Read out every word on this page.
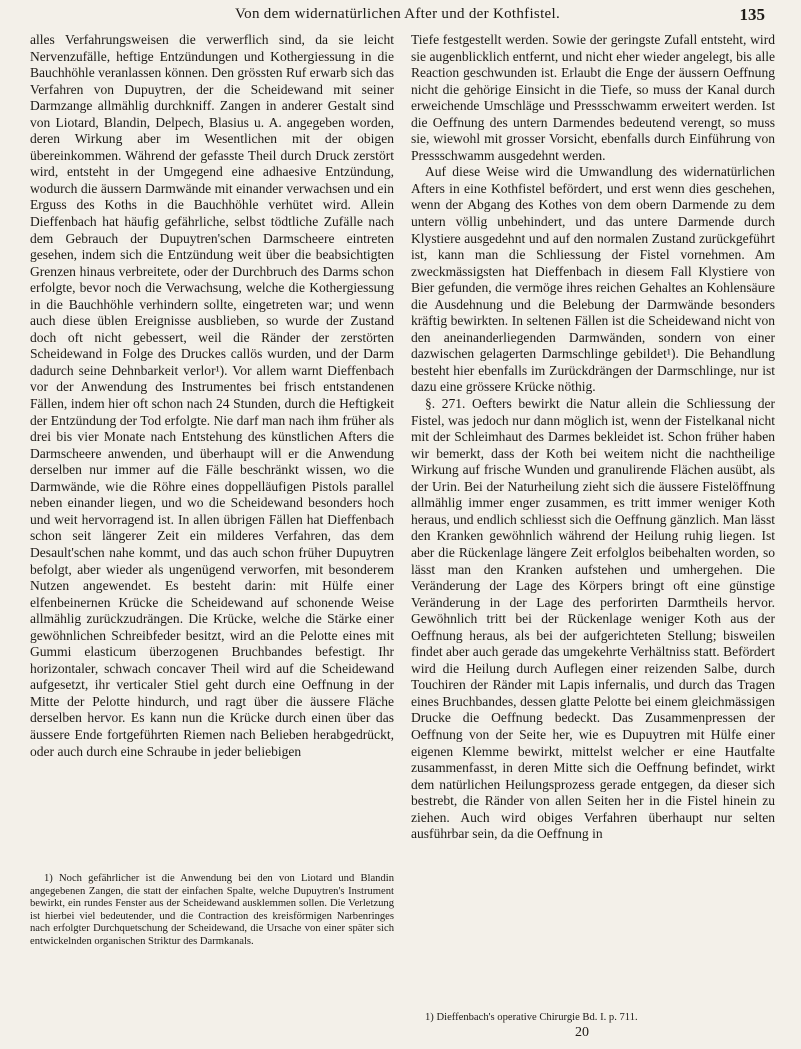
Von dem widernatürlichen After und der Kothfistel.	135

alles Verfahrungsweisen die verwerflich sind, da sie leicht Nervenzufälle, heftige Entzündungen und Kothergiessung in die Bauchhöhle veranlassen können. Den grössten Ruf erwarb sich das Verfahren von Dupuytren, der die Scheidewand mit seiner Darmzange allmählig durchkniff. Zangen in anderer Gestalt sind von Liotard, Blandin, Delpech, Blasius u. A. angegeben worden, deren Wirkung aber im Wesentlichen mit der obigen übereinkommen. Während der gefasste Theil durch Druck zerstört wird, entsteht in der Umgegend eine adhaesive Entzündung, wodurch die äussern Darmwände mit einander verwachsen und ein Erguss des Koths in die Bauchhöhle verhütet wird. Allein Dieffenbach hat häufig gefährliche, selbst tödtliche Zufälle nach dem Gebrauch der Dupuytren'schen Darmscheere eintreten gesehen, indem sich die Entzündung weit über die beabsichtigten Grenzen hinaus verbreitete, oder der Durchbruch des Darms schon erfolgte, bevor noch die Verwachsung, welche die Kothergiessung in die Bauchhöhle verhindern sollte, eingetreten war; und wenn auch diese üblen Ereignisse ausblieben, so wurde der Zustand doch oft nicht gebessert, weil die Ränder der zerstörten Scheidewand in Folge des Druckes callös wurden, und der Darm dadurch seine Dehnbarkeit verlor¹). Vor allem warnt Dieffenbach vor der Anwendung des Instrumentes bei frisch entstandenen Fällen, indem hier oft schon nach 24 Stunden, durch die Heftigkeit der Entzündung der Tod erfolgte. Nie darf man nach ihm früher als drei bis vier Monate nach Entstehung des künstlichen Afters die Darmscheere anwenden, und überhaupt will er die Anwendung derselben nur immer auf die Fälle beschränkt wissen, wo die Darmwände, wie die Röhre eines doppelläufigen Pistols parallel neben einander liegen, und wo die Scheidewand besonders hoch und weit hervorragend ist. In allen übrigen Fällen hat Dieffenbach schon seit längerer Zeit ein milderes Verfahren, das dem Desault'schen nahe kommt, und das auch schon früher Dupuytren befolgt, aber wieder als ungenügend verworfen, mit besonderem Nutzen angewendet. Es besteht darin: mit Hülfe einer elfenbeinernen Krücke die Scheidewand auf schonende Weise allmählig zurückzudrängen. Die Krücke, welche die Stärke einer gewöhnlichen Schreibfeder besitzt, wird an die Pelotte eines mit Gummi elasticum überzogenen Bruchbandes befestigt. Ihr horizontaler, schwach concaver Theil wird auf die Scheidewand aufgesetzt, ihr verticaler Stiel geht durch eine Oeffnung in der Mitte der Pelotte hindurch, und ragt über die äussere Fläche derselben hervor. Es kann nun die Krücke durch einen über das äussere Ende fortgeführten Riemen nach Belieben herabgedrückt, oder auch durch eine Schraube in jeder beliebigen

Tiefe festgestellt werden. Sowie der geringste Zufall entsteht, wird sie augenblicklich entfernt, und nicht eher wieder angelegt, bis alle Reaction geschwunden ist. Erlaubt die Enge der äussern Oeffnung nicht die gehörige Einsicht in die Tiefe, so muss der Kanal durch erweichende Umschläge und Pressschwamm erweitert werden. Ist die Oeffnung des untern Darmendes bedeutend verengt, so muss sie, wiewohl mit grosser Vorsicht, ebenfalls durch Einführung von Pressschwamm ausgedehnt werden.

Auf diese Weise wird die Umwandlung des widernatürlichen Afters in eine Kothfistel befördert, und erst wenn dies geschehen, wenn der Abgang des Kothes von dem obern Darmende zu dem untern völlig unbehindert, und das untere Darmende durch Klystiere ausgedehnt und auf den normalen Zustand zurückgeführt ist, kann man die Schliessung der Fistel vornehmen. Am zweckmässigsten hat Dieffenbach in diesem Fall Klystiere von Bier gefunden, die vermöge ihres reichen Gehaltes an Kohlensäure die Ausdehnung und die Belebung der Darmwände besonders kräftig bewirkten. In seltenen Fällen ist die Scheidewand nicht von den aneinanderliegenden Darmwänden, sondern von einer dazwischen gelagerten Darmschlinge gebildet¹). Die Behandlung besteht hier ebenfalls im Zurückdrängen der Darmschlinge, nur ist dazu eine grössere Krücke nöthig.

§. 271. Oefters bewirkt die Natur allein die Schliessung der Fistel, was jedoch nur dann möglich ist, wenn der Fistelkanal nicht mit der Schleimhaut des Darmes bekleidet ist. Schon früher haben wir bemerkt, dass der Koth bei weitem nicht die nachtheilige Wirkung auf frische Wunden und granulirende Flächen ausübt, als der Urin. Bei der Naturheilung zieht sich die äussere Fistelöffnung allmählig immer enger zusammen, es tritt immer weniger Koth heraus, und endlich schliesst sich die Oeffnung gänzlich. Man lässt den Kranken gewöhnlich während der Heilung ruhig liegen. Ist aber die Rückenlage längere Zeit erfolglos beibehalten worden, so lässt man den Kranken aufstehen und umhergehen. Die Veränderung der Lage des Körpers bringt oft eine günstige Veränderung in der Lage des perforirten Darmtheils hervor. Gewöhnlich tritt bei der Rückenlage weniger Koth aus der Oeffnung heraus, als bei der aufgerichteten Stellung; bisweilen findet aber auch gerade das umgekehrte Verhältniss statt. Befördert wird die Heilung durch Auflegen einer reizenden Salbe, durch Touchiren der Ränder mit Lapis infernalis, und durch das Tragen eines Bruchbandes, dessen glatte Pelotte bei einem gleichmässigen Drucke die Oeffnung bedeckt. Das Zusammenpressen der Oeffnung von der Seite her, wie es Dupuytren mit Hülfe einer eigenen Klemme bewirkt, mittelst welcher er eine Hautfalte zusammenfasst, in deren Mitte sich die Oeffnung befindet, wirkt dem natürlichen Heilungsprozess gerade entgegen, da dieser sich bestrebt, die Ränder von allen Seiten her in die Fistel hinein zu ziehen. Auch wird obiges Verfahren überhaupt nur selten ausführbar sein, da die Oeffnung in

1) Noch gefährlicher ist die Anwendung bei den von Liotard und Blandin angegebenen Zangen, die statt der einfachen Spalte, welche Dupuytren's Instrument bewirkt, ein rundes Fenster aus der Scheidewand ausklemmen sollen. Die Verletzung ist hierbei viel bedeutender, und die Contraction des kreisförmigen Narbenringes nach erfolgter Durchquetschung der Scheidewand, die Ursache von einer später sich entwickelnden organischen Striktur des Darmkanals.

1) Dieffenbach's operative Chirurgie Bd. I. p. 711.

20
